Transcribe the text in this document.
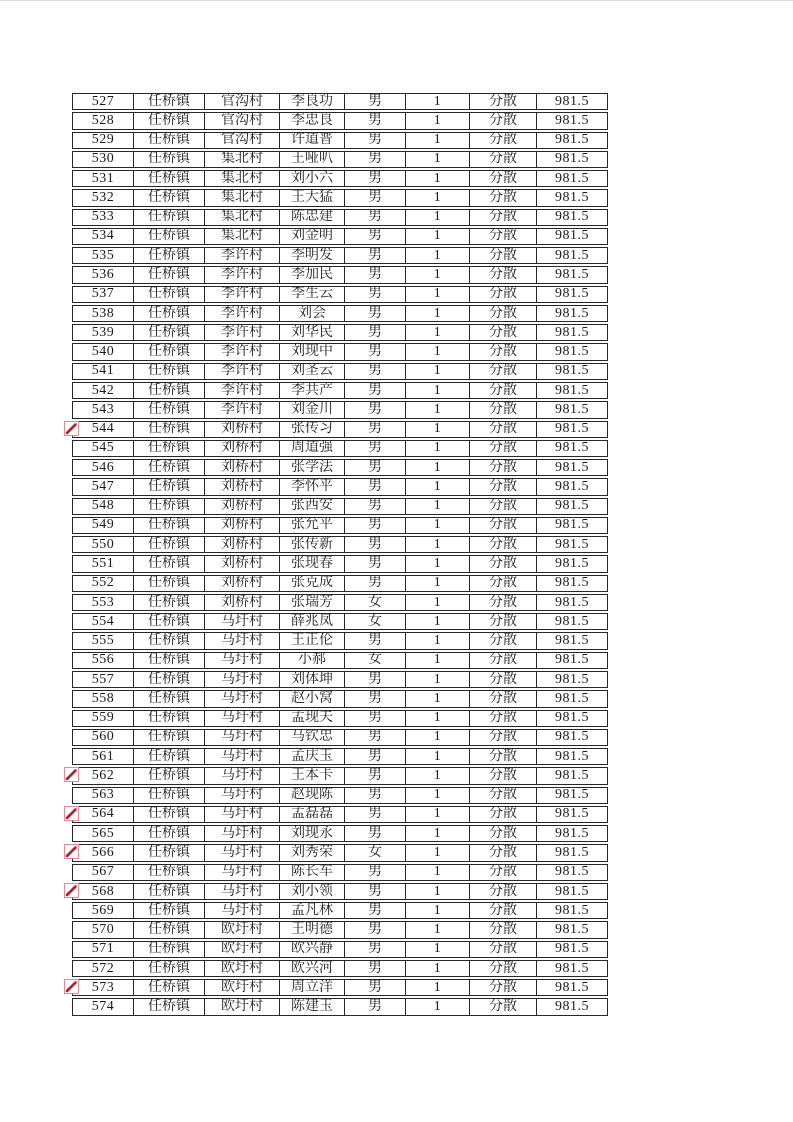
527	任桥镇	官沟村	李良功	男	1	分散	981.5
528	任桥镇	官沟村	李忠良	男	1	分散	981.5
529	任桥镇	官沟村	许道普	男	1	分散	981.5
530	任桥镇	集北村	王哑叭	男	1	分散	981.5
531	任桥镇	集北村	刘小六	男	1	分散	981.5
532	任桥镇	集北村	王大猛	男	1	分散	981.5
533	任桥镇	集北村	陈忠建	男	1	分散	981.5
534	任桥镇	集北村	刘金明	男	1	分散	981.5
535	任桥镇	李许村	李明发	男	1	分散	981.5
536	任桥镇	李许村	李加民	男	1	分散	981.5
537	任桥镇	李许村	李生云	男	1	分散	981.5
538	任桥镇	李许村	刘会	男	1	分散	981.5
539	任桥镇	李许村	刘华民	男	1	分散	981.5
540	任桥镇	李许村	刘现中	男	1	分散	981.5
541	任桥镇	李许村	刘圣云	男	1	分散	981.5
542	任桥镇	李许村	李共产	男	1	分散	981.5
543	任桥镇	李许村	刘金川	男	1	分散	981.5
544	任桥镇	刘桥村	张传习	男	1	分散	981.5
545	任桥镇	刘桥村	周道强	男	1	分散	981.5
546	任桥镇	刘桥村	张学法	男	1	分散	981.5
547	任桥镇	刘桥村	李怀平	男	1	分散	981.5
548	任桥镇	刘桥村	张西安	男	1	分散	981.5
549	任桥镇	刘桥村	张允平	男	1	分散	981.5
550	任桥镇	刘桥村	张传新	男	1	分散	981.5
551	任桥镇	刘桥村	张现春	男	1	分散	981.5
552	任桥镇	刘桥村	张克成	男	1	分散	981.5
553	任桥镇	刘桥村	张瑞芳	女	1	分散	981.5
554	任桥镇	马圩村	薛兆凤	女	1	分散	981.5
555	任桥镇	马圩村	王正伦	男	1	分散	981.5
556	任桥镇	马圩村	小郝	女	1	分散	981.5
557	任桥镇	马圩村	刘体坤	男	1	分散	981.5
558	任桥镇	马圩村	赵小窝	男	1	分散	981.5
559	任桥镇	马圩村	孟现夫	男	1	分散	981.5
560	任桥镇	马圩村	马钦忠	男	1	分散	981.5
561	任桥镇	马圩村	孟庆玉	男	1	分散	981.5
562	任桥镇	马圩村	王本卡	男	1	分散	981.5
563	任桥镇	马圩村	赵现陈	男	1	分散	981.5
564	任桥镇	马圩村	孟磊磊	男	1	分散	981.5
565	任桥镇	马圩村	刘现永	男	1	分散	981.5
566	任桥镇	马圩村	刘秀荣	女	1	分散	981.5
567	任桥镇	马圩村	陈长车	男	1	分散	981.5
568	任桥镇	马圩村	刘小领	男	1	分散	981.5
569	任桥镇	马圩村	孟凡林	男	1	分散	981.5
570	任桥镇	欧圩村	王明德	男	1	分散	981.5
571	任桥镇	欧圩村	欧兴静	男	1	分散	981.5
572	任桥镇	欧圩村	欧兴河	男	1	分散	981.5
573	任桥镇	欧圩村	周立洋	男	1	分散	981.5
574	任桥镇	欧圩村	陈建玉	男	1	分散	981.5
